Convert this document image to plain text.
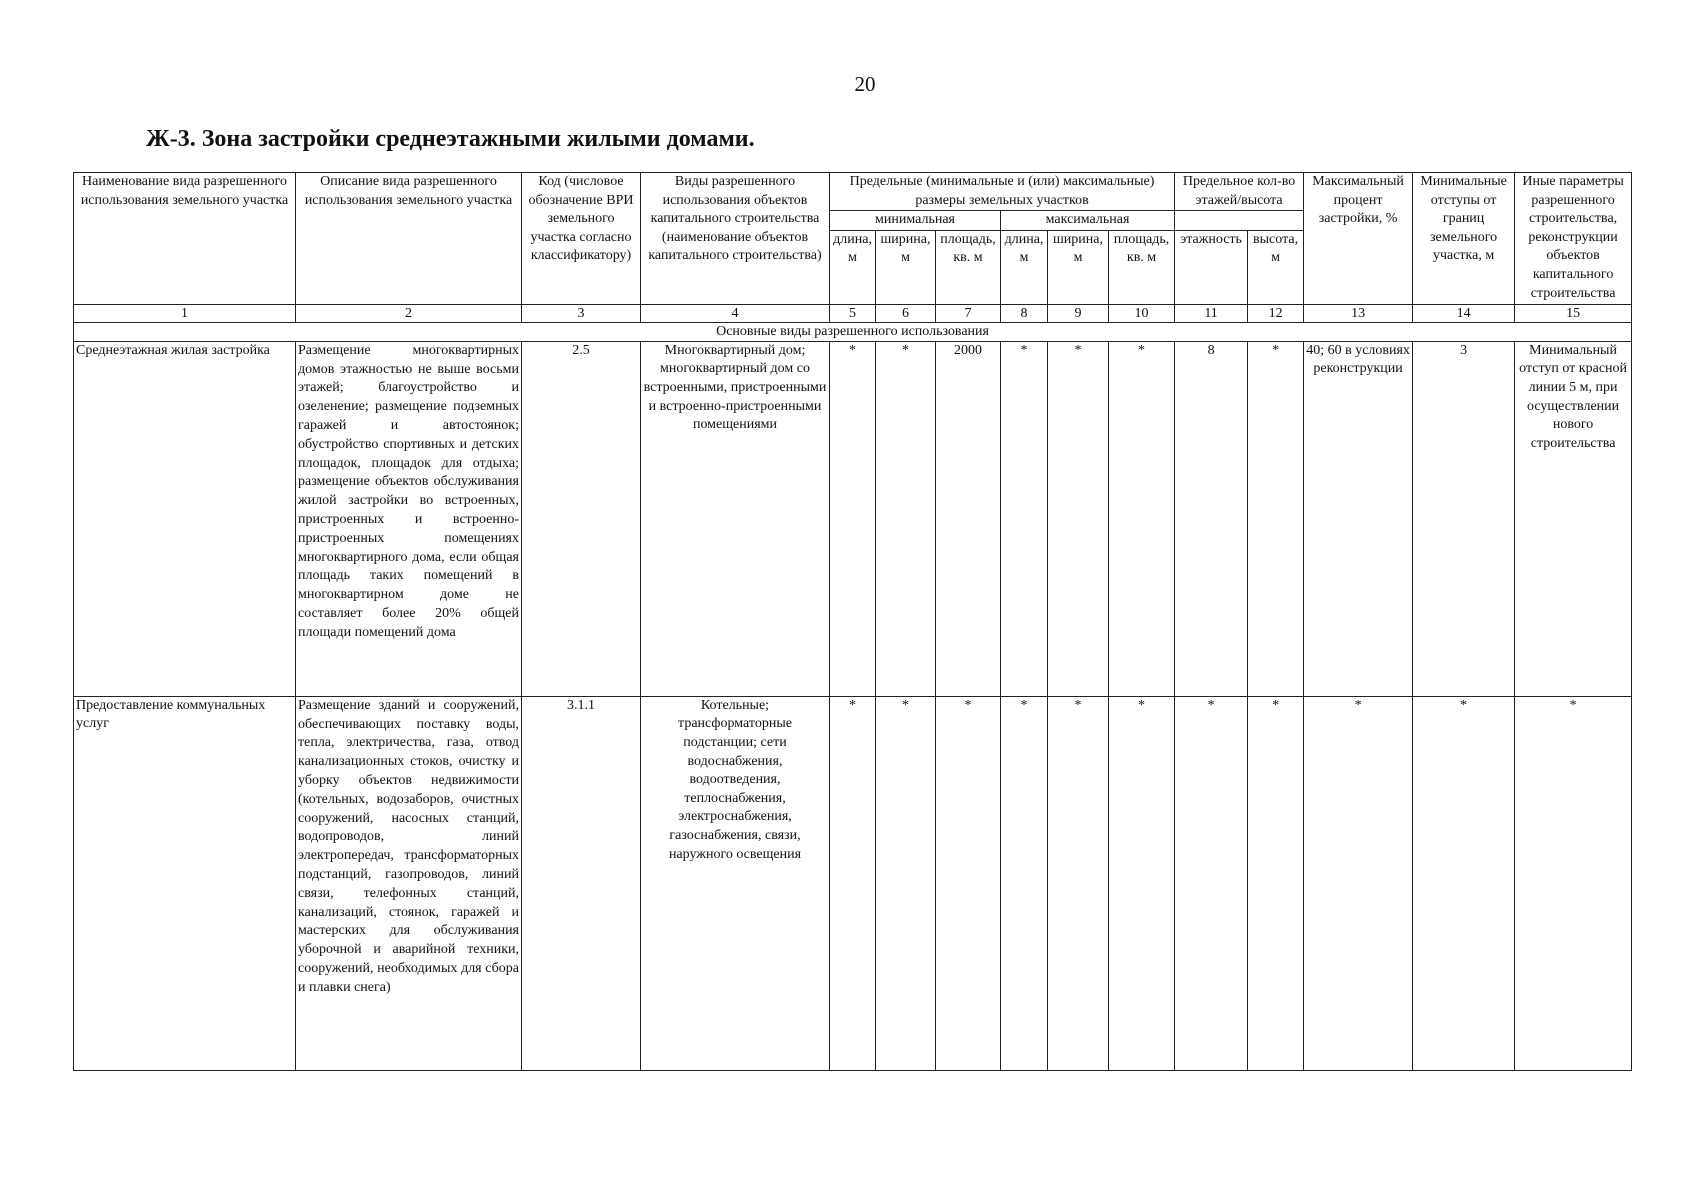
20
Ж-3. Зона застройки среднеэтажными жилыми домами.
Наименование вида разрешенного использования земельного участка	Описание вида разрешенного использования земельного участка	Код (числовое обозначение ВРИ земельного участка согласно классификатору)	Виды разрешенного использования объектов капитального строительства (наименование объектов капитального строительства)	Предельные (минимальные и (или) максимальные) размеры земельных участков						Предельное кол-во этажей/высота		Максимальный процент застройки, %	Минимальные отступы от границ земельного участка, м	Иные параметры разрешенного строительства, реконструкции объектов капитального строительства
				минимальная			максимальная							
				длина, м	ширина, м	площадь, кв. м	длина, м	ширина, м	площадь, кв. м	этажность	высота, м			
1	2	3	4	5	6	7	8	9	10	11	12	13	14	15
Основные виды разрешенного использования														
Среднеэтажная жилая застройка	Размещение многоквартирных домов этажностью не выше восьми этажей; благоустройство и озеленение; размещение подземных гаражей и автостоянок; обустройство спортивных и детских площадок, площадок для отдыха; размещение объектов обслуживания жилой застройки во встроенных, пристроенных и встроенно- пристроенных помещениях многоквартирного дома, если общая площадь таких помещений в многоквартирном доме не составляет более 20% общей площади помещений дома	2.5	Многоквартирный дом; многоквартирный дом со встроенными, пристроенными и встроенно-пристроенными помещениями	*	*	2000	*	*	*	8	*	40; 60 в условиях реконструкции	3	Минимальный отступ от красной линии 5 м, при осуществлении нового строительства
Предоставление коммунальных услуг	Размещение зданий и сооружений, обеспечивающих поставку воды, тепла, электричества, газа, отвод канализационных стоков, очистку и уборку объектов недвижимости (котельных, водозаборов, очистных сооружений, насосных станций, водопроводов, линий электропередач, трансформаторных подстанций, газопроводов, линий связи, телефонных станций, канализаций, стоянок, гаражей и мастерских для обслуживания уборочной и аварийной техники, сооружений, необходимых для сбора и плавки снега)	3.1.1	Котельные; трансформаторные подстанции; сети водоснабжения, водоотведения, теплоснабжения, электроснабжения, газоснабжения, связи, наружного освещения	*	*	*	*	*	*	*	*	*	*	*
